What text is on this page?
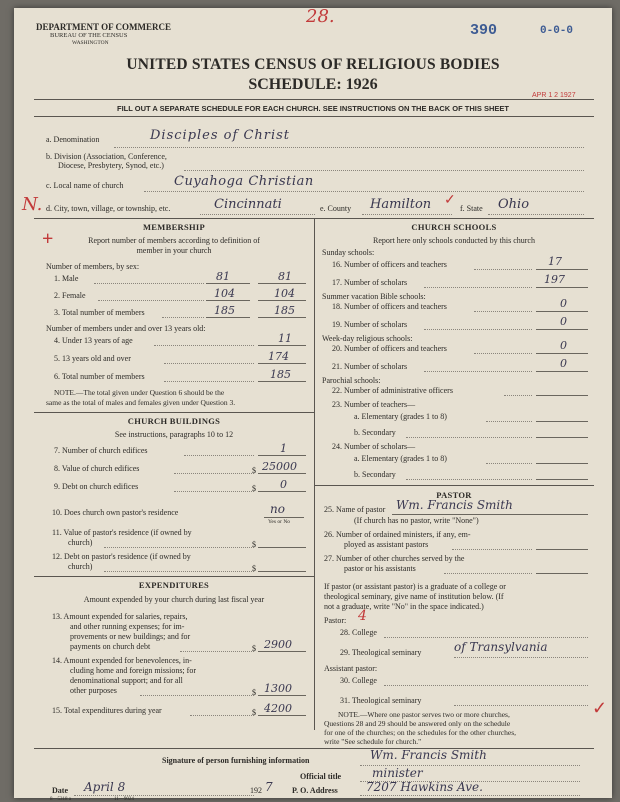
DEPARTMENT OF COMMERCE
BUREAU OF THE CENSUS
WASHINGTON
28.
390	0-0-0
UNITED STATES CENSUS OF RELIGIOUS BODIES
SCHEDULE: 1926
APR 1 2 1927
FILL OUT A SEPARATE SCHEDULE FOR EACH CHURCH. SEE INSTRUCTIONS ON THE BACK OF THIS SHEET
a. Denomination	Disciples of Christ
b. Division (Association, Conference,
Diocese, Presbytery, Synod, etc.)
c. Local name of church	Cuyahoga Christian
N. d. City, town, village, or township, etc.	Cincinnati	e. County Hamilton ✓
f. State Ohio
+
MEMBERSHIP
Report number of members according to definition of
member in your church
Number of members, by sex:
1. Male	81	81
2. Female	104	104
3. Total number of members	185	185
Number of members under and over 13 years old:
4. Under 13 years of age	11
5. 13 years old and over	174
6. Total number of members	185
NOTE.—The total given under Question 6 should be the
same as the total of males and females given under Question 3.
CHURCH BUILDINGS
See instructions, paragraphs 10 to 12
7. Number of church edifices	1
8. Value of church edifices	$ 25000
9. Debt on church edifices	$ 0
10. Does church own pastor's residence	no
Yes or No
11. Value of pastor's residence (if owned by
church)	$
12. Debt on pastor's residence (if owned by
church)	$
EXPENDITURES
Amount expended by your church during last fiscal year
13. Amount expended for salaries, repairs,
and other running expenses; for im-
provements or new buildings; and for
payments on church debt	$ 2900
14. Amount expended for benevolences, in-
cluding home and foreign missions; for
denominational support; and for all
other purposes	$ 1300
15. Total expenditures during year	$ 4200
CHURCH SCHOOLS
Report here only schools conducted by this church
Sunday schools:
16. Number of officers and teachers	17
17. Number of scholars	197
Summer vacation Bible schools:
18. Number of officers and teachers	0
19. Number of scholars	0
Week-day religious schools:
20. Number of officers and teachers	0
21. Number of scholars	0
Parochial schools:
22. Number of administrative officers
23. Number of teachers—
a. Elementary (grades 1 to 8)
b. Secondary
24. Number of scholars—
a. Elementary (grades 1 to 8)
b. Secondary
PASTOR
25. Name of pastor Wm. Francis Smith
(If church has no pastor, write "None")
26. Number of ordained ministers, if any, em-
ployed as assistant pastors
27. Number of other churches served by the
pastor or his assistants
If pastor (or assistant pastor) is a graduate of a college or
theological seminary, give name of institution below. (If
not a graduate, write "No" in the space indicated.)
Pastor: 4
28. College
29. Theological seminary	of Transylvania
Assistant pastor:
30. College
31. Theological seminary
NOTE.—Where one pastor serves two or more churches,
Questions 28 and 29 should be answered only on the schedule
for one of the churches; on the schedules for the other churches,
write "See schedule for church."
✓
Signature of person furnishing information	Wm. Francis Smith
Official title	minister
Date April 8	192 7 P. O. Address 7207 Hawkins Ave.
8—5318 a	11—9024
